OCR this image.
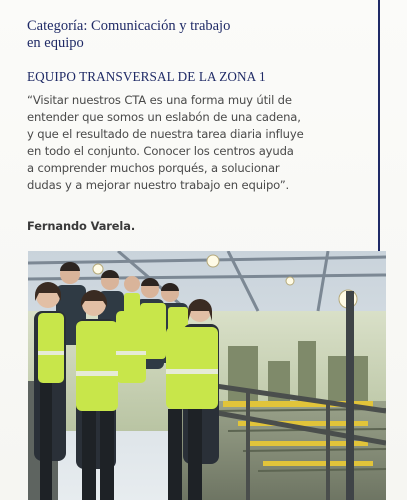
Categoría: Comunicación y trabajo
en equipo
EQUIPO TRANSVERSAL DE LA ZONA 1
“Visitar nuestros CTA es una forma muy útil de
entender que somos un eslabón de una cadena,
y que el resultado de nuestra tarea diaria influye
en todo el conjunto. Conocer los centros ayuda
a comprender muchos porqués, a solucionar
dudas y a mejorar nuestro trabajo en equipo”.
Fernando Varela.
